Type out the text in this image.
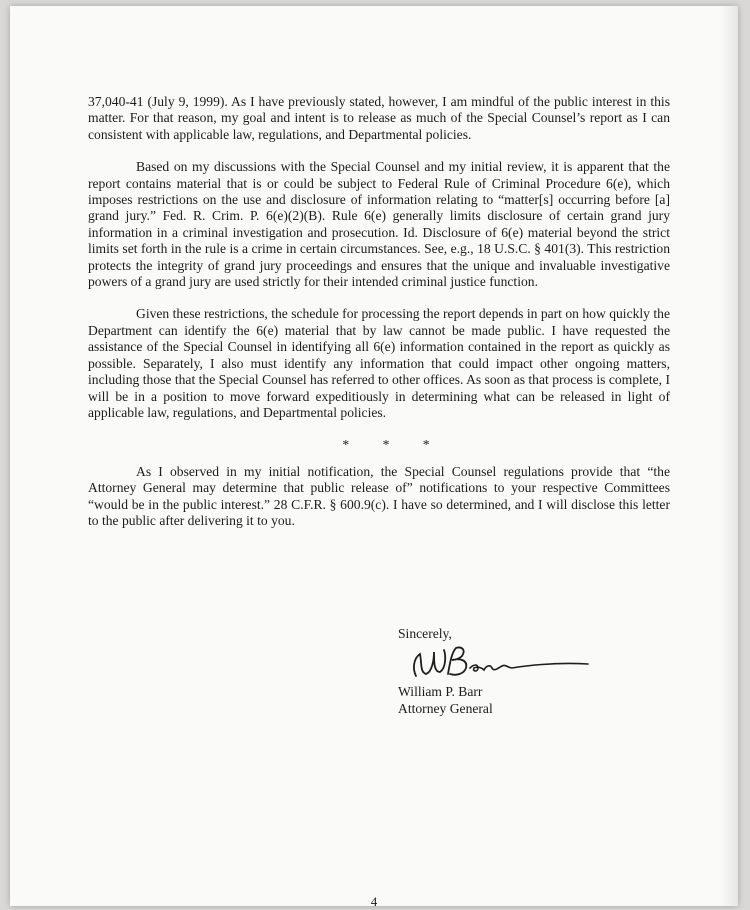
37,040-41 (July 9, 1999). As I have previously stated, however, I am mindful of the public interest in this matter. For that reason, my goal and intent is to release as much of the Special Counsel’s report as I can consistent with applicable law, regulations, and Departmental policies.

Based on my discussions with the Special Counsel and my initial review, it is apparent that the report contains material that is or could be subject to Federal Rule of Criminal Procedure 6(e), which imposes restrictions on the use and disclosure of information relating to “matter[s] occurring before [a] grand jury.” Fed. R. Crim. P. 6(e)(2)(B). Rule 6(e) generally limits disclosure of certain grand jury information in a criminal investigation and prosecution. Id. Disclosure of 6(e) material beyond the strict limits set forth in the rule is a crime in certain circumstances. See, e.g., 18 U.S.C. § 401(3). This restriction protects the integrity of grand jury proceedings and ensures that the unique and invaluable investigative powers of a grand jury are used strictly for their intended criminal justice function.

Given these restrictions, the schedule for processing the report depends in part on how quickly the Department can identify the 6(e) material that by law cannot be made public. I have requested the assistance of the Special Counsel in identifying all 6(e) information contained in the report as quickly as possible. Separately, I also must identify any information that could impact other ongoing matters, including those that the Special Counsel has referred to other offices. As soon as that process is complete, I will be in a position to move forward expeditiously in determining what can be released in light of applicable law, regulations, and Departmental policies.

* * *

As I observed in my initial notification, the Special Counsel regulations provide that “the Attorney General may determine that public release of” notifications to your respective Committees “would be in the public interest.” 28 C.F.R. § 600.9(c). I have so determined, and I will disclose this letter to the public after delivering it to you.

Sincerely,
William P. Barr
Attorney General
4
